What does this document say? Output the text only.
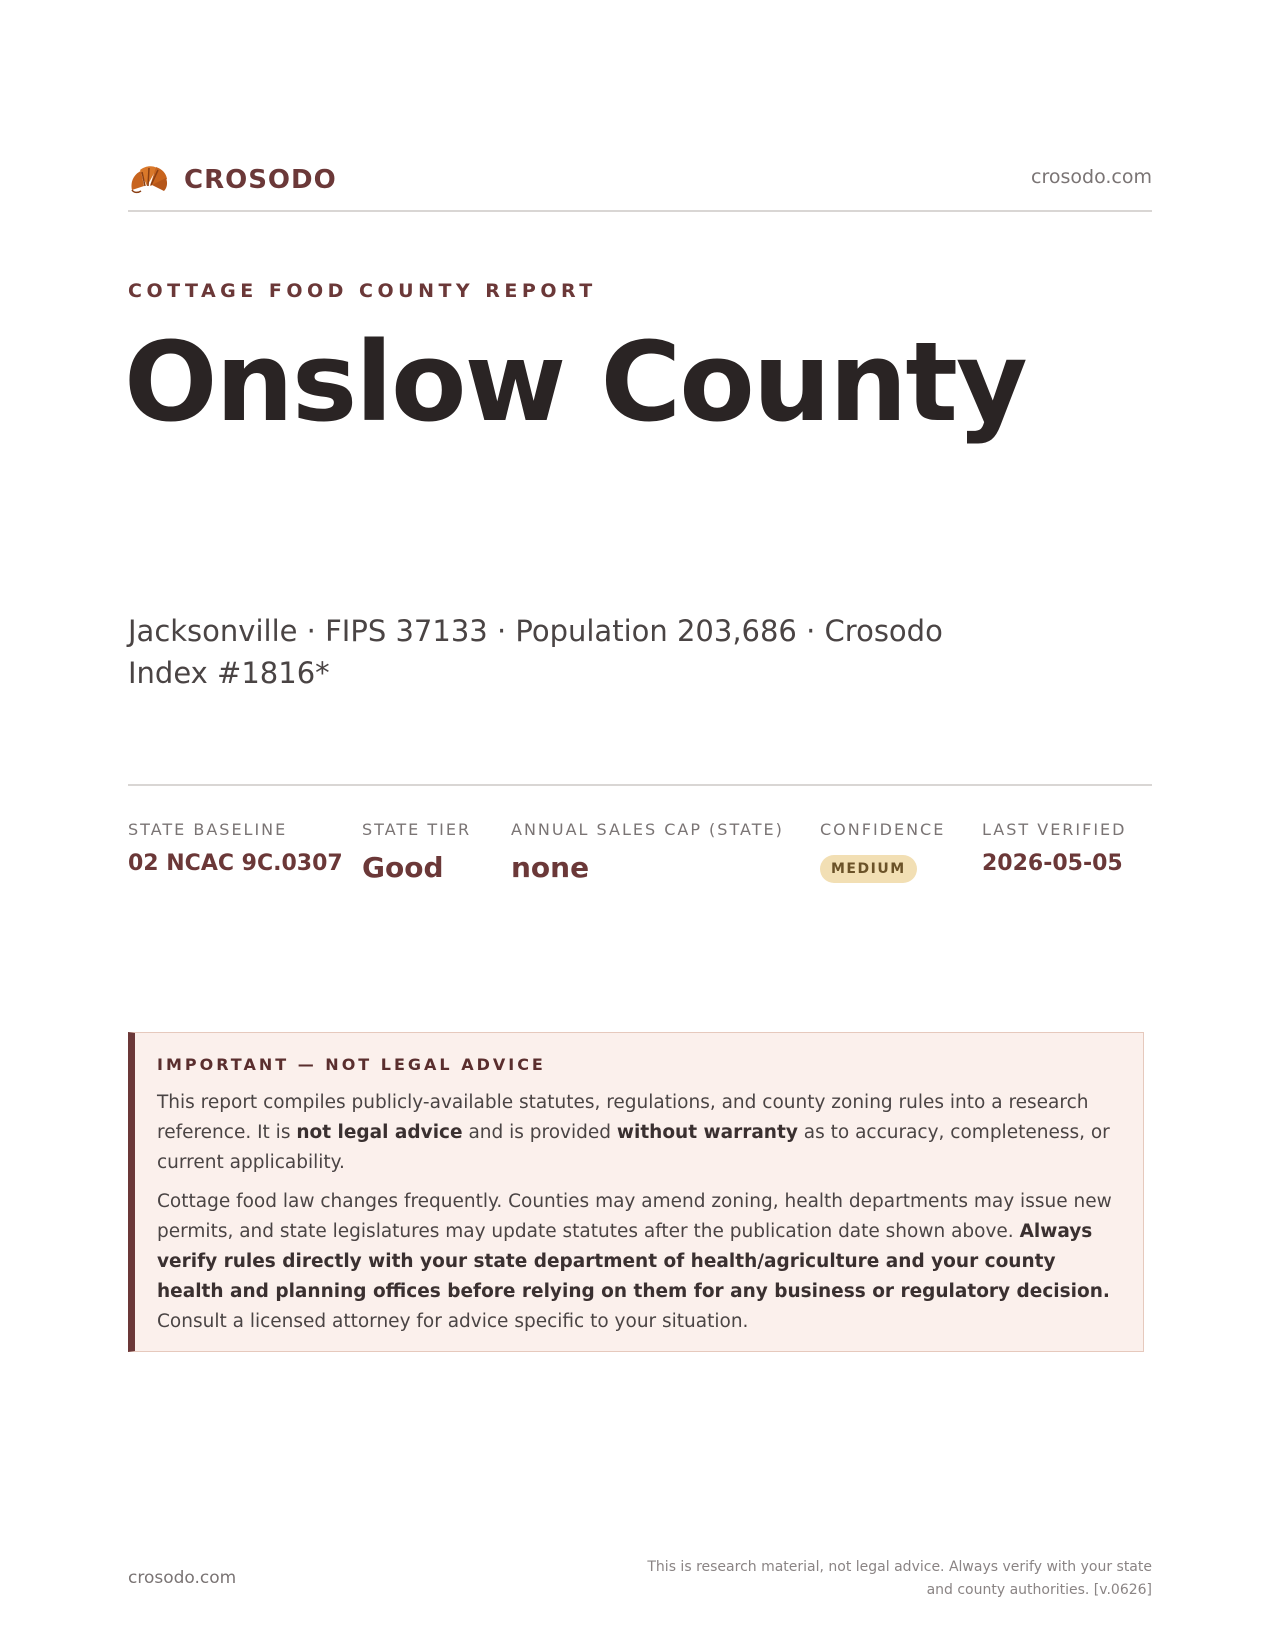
CROSODO	crosodo.com
COTTAGE FOOD COUNTY REPORT
Onslow County
Jacksonville · FIPS 37133 · Population 203,686 · Crosodo Index #1816*
STATE BASELINE
02 NCAC 9C.0307
STATE TIER
Good
ANNUAL SALES CAP (STATE)
none
CONFIDENCE
MEDIUM
LAST VERIFIED
2026-05-05
IMPORTANT — NOT LEGAL ADVICE

This report compiles publicly-available statutes, regulations, and county zoning rules into a research reference. It is not legal advice and is provided without warranty as to accuracy, completeness, or current applicability.

Cottage food law changes frequently. Counties may amend zoning, health departments may issue new permits, and state legislatures may update statutes after the publication date shown above. Always verify rules directly with your state department of health/agriculture and your county health and planning offices before relying on them for any business or regulatory decision. Consult a licensed attorney for advice specific to your situation.

crosodo.com
This is research material, not legal advice. Always verify with your state
and county authorities. [v.0626]
